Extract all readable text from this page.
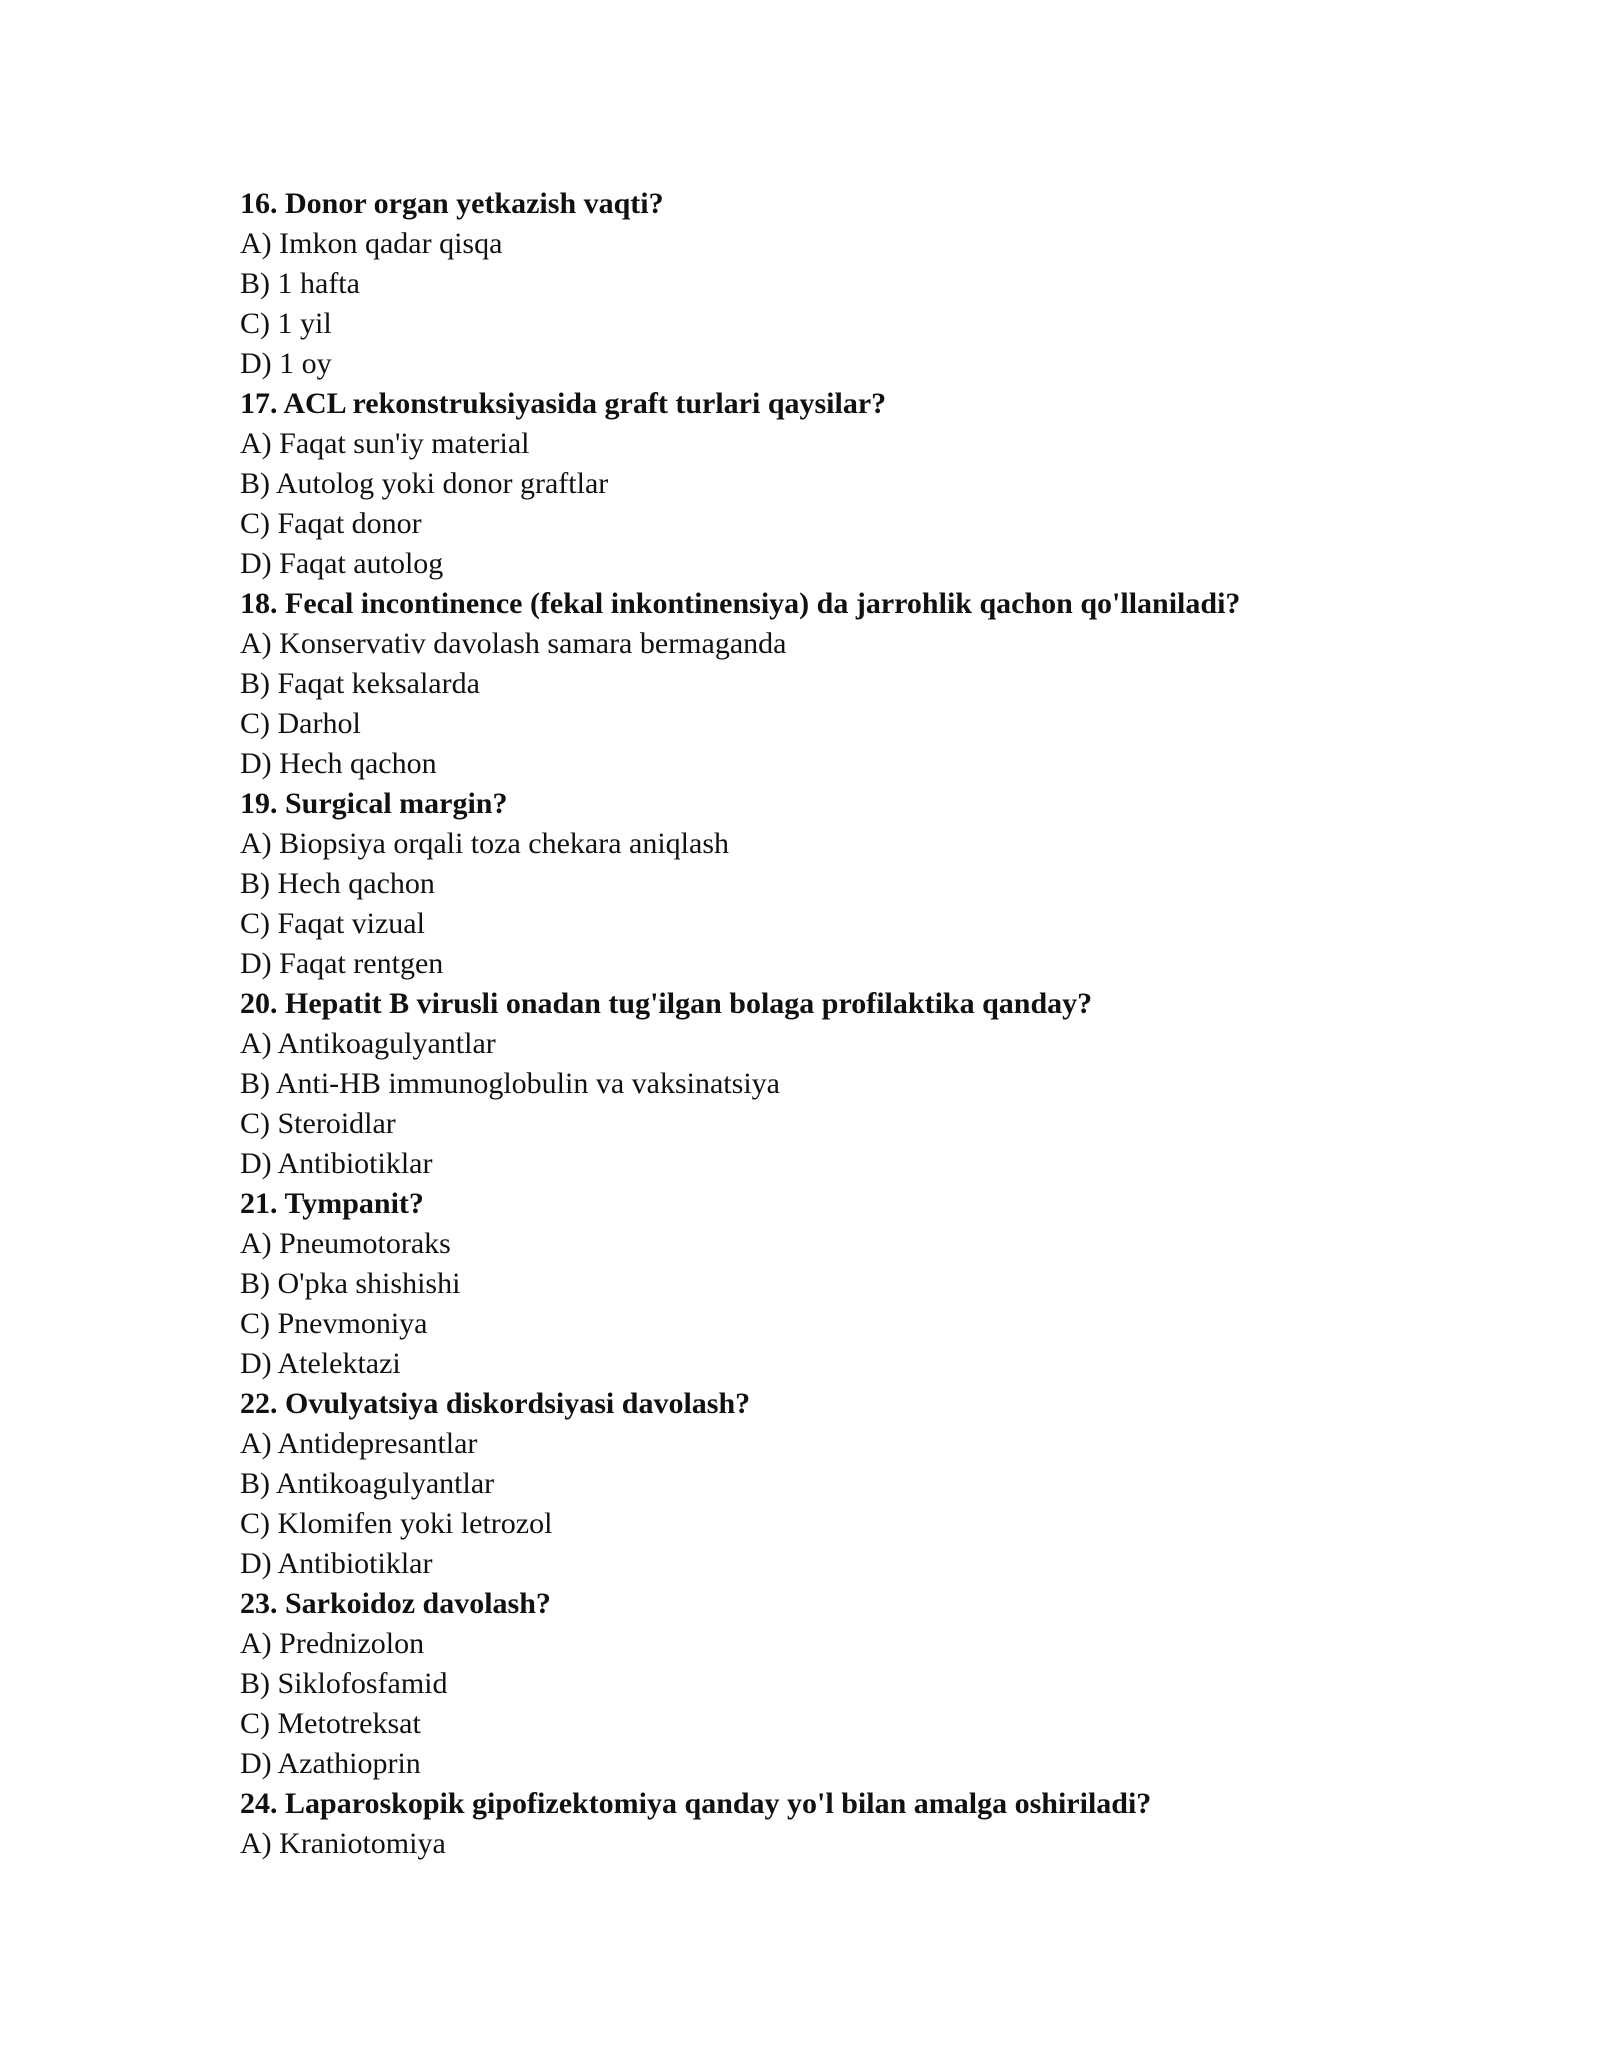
16. Donor organ yetkazish vaqti?
A) Imkon qadar qisqa
B) 1 hafta
C) 1 yil
D) 1 oy
17. ACL rekonstruksiyasida graft turlari qaysilar?
A) Faqat sun'iy material
B) Autolog yoki donor graftlar
C) Faqat donor
D) Faqat autolog
18. Fecal incontinence (fekal inkontinensiya) da jarrohlik qachon qo'llaniladi?
A) Konservativ davolash samara bermaganda
B) Faqat keksalarda
C) Darhol
D) Hech qachon
19. Surgical margin?
A) Biopsiya orqali toza chekara aniqlash
B) Hech qachon
C) Faqat vizual
D) Faqat rentgen
20. Hepatit B virusli onadan tug'ilgan bolaga profilaktika qanday?
A) Antikoagulyantlar
B) Anti-HB immunoglobulin va vaksinatsiya
C) Steroidlar
D) Antibiotiklar
21. Tympanit?
A) Pneumotoraks
B) O'pka shishishi
C) Pnevmoniya
D) Atelektazi
22. Ovulyatsiya diskordsiyasi davolash?
A) Antidepresantlar
B) Antikoagulyantlar
C) Klomifen yoki letrozol
D) Antibiotiklar
23. Sarkoidoz davolash?
A) Prednizolon
B) Siklofosfamid
C) Metotreksat
D) Azathioprin
24. Laparoskopik gipofizektomiya qanday yo'l bilan amalga oshiriladi?
A) Kraniotomiya
